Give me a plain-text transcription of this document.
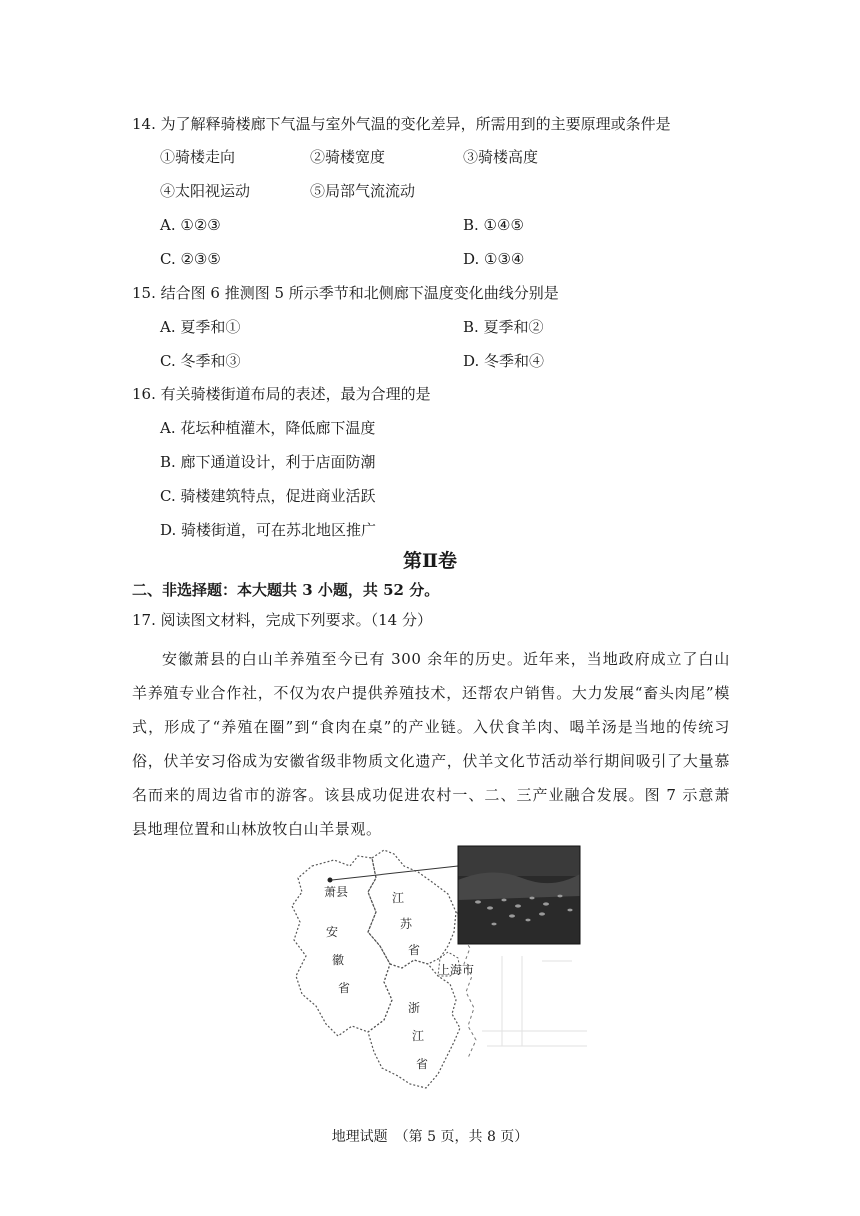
14. 为了解释骑楼廊下气温与室外气温的变化差异，所需用到的主要原理或条件是
①骑楼走向	②骑楼宽度	③骑楼高度
④太阳视运动	⑤局部气流流动
A. ①②③	B. ①④⑤
C. ②③⑤	D. ①③④
15. 结合图 6 推测图 5 所示季节和北侧廊下温度变化曲线分别是
A. 夏季和①	B. 夏季和②
C. 冬季和③	D. 冬季和④
16. 有关骑楼街道布局的表述，最为合理的是
A. 花坛种植灌木，降低廊下温度
B. 廊下通道设计，利于店面防潮
C. 骑楼建筑特点，促进商业活跃
D. 骑楼街道，可在苏北地区推广
第Ⅱ卷
二、非选择题：本大题共 3 小题，共 52 分。
17. 阅读图文材料，完成下列要求。（14 分）
安徽萧县的白山羊养殖至今已有 300 余年的历史。近年来，当地政府成立了白山羊养殖专业合作社，不仅为农户提供养殖技术，还帮农户销售。大力发展“畜头肉尾”模式，形成了“养殖在圈”到“食肉在桌”的产业链。入伏食羊肉、喝羊汤是当地的传统习俗，伏羊安习俗成为安徽省级非物质文化遗产，伏羊文化节活动举行期间吸引了大量慕名而来的周边省市的游客。该县成功促进农村一、二、三产业融合发展。图 7 示意萧县地理位置和山林放牧白山羊景观。
萧县
安
徽
省
江
苏
省
上海市
浙
江
省
地理试题　（第 5 页，共 8 页）
